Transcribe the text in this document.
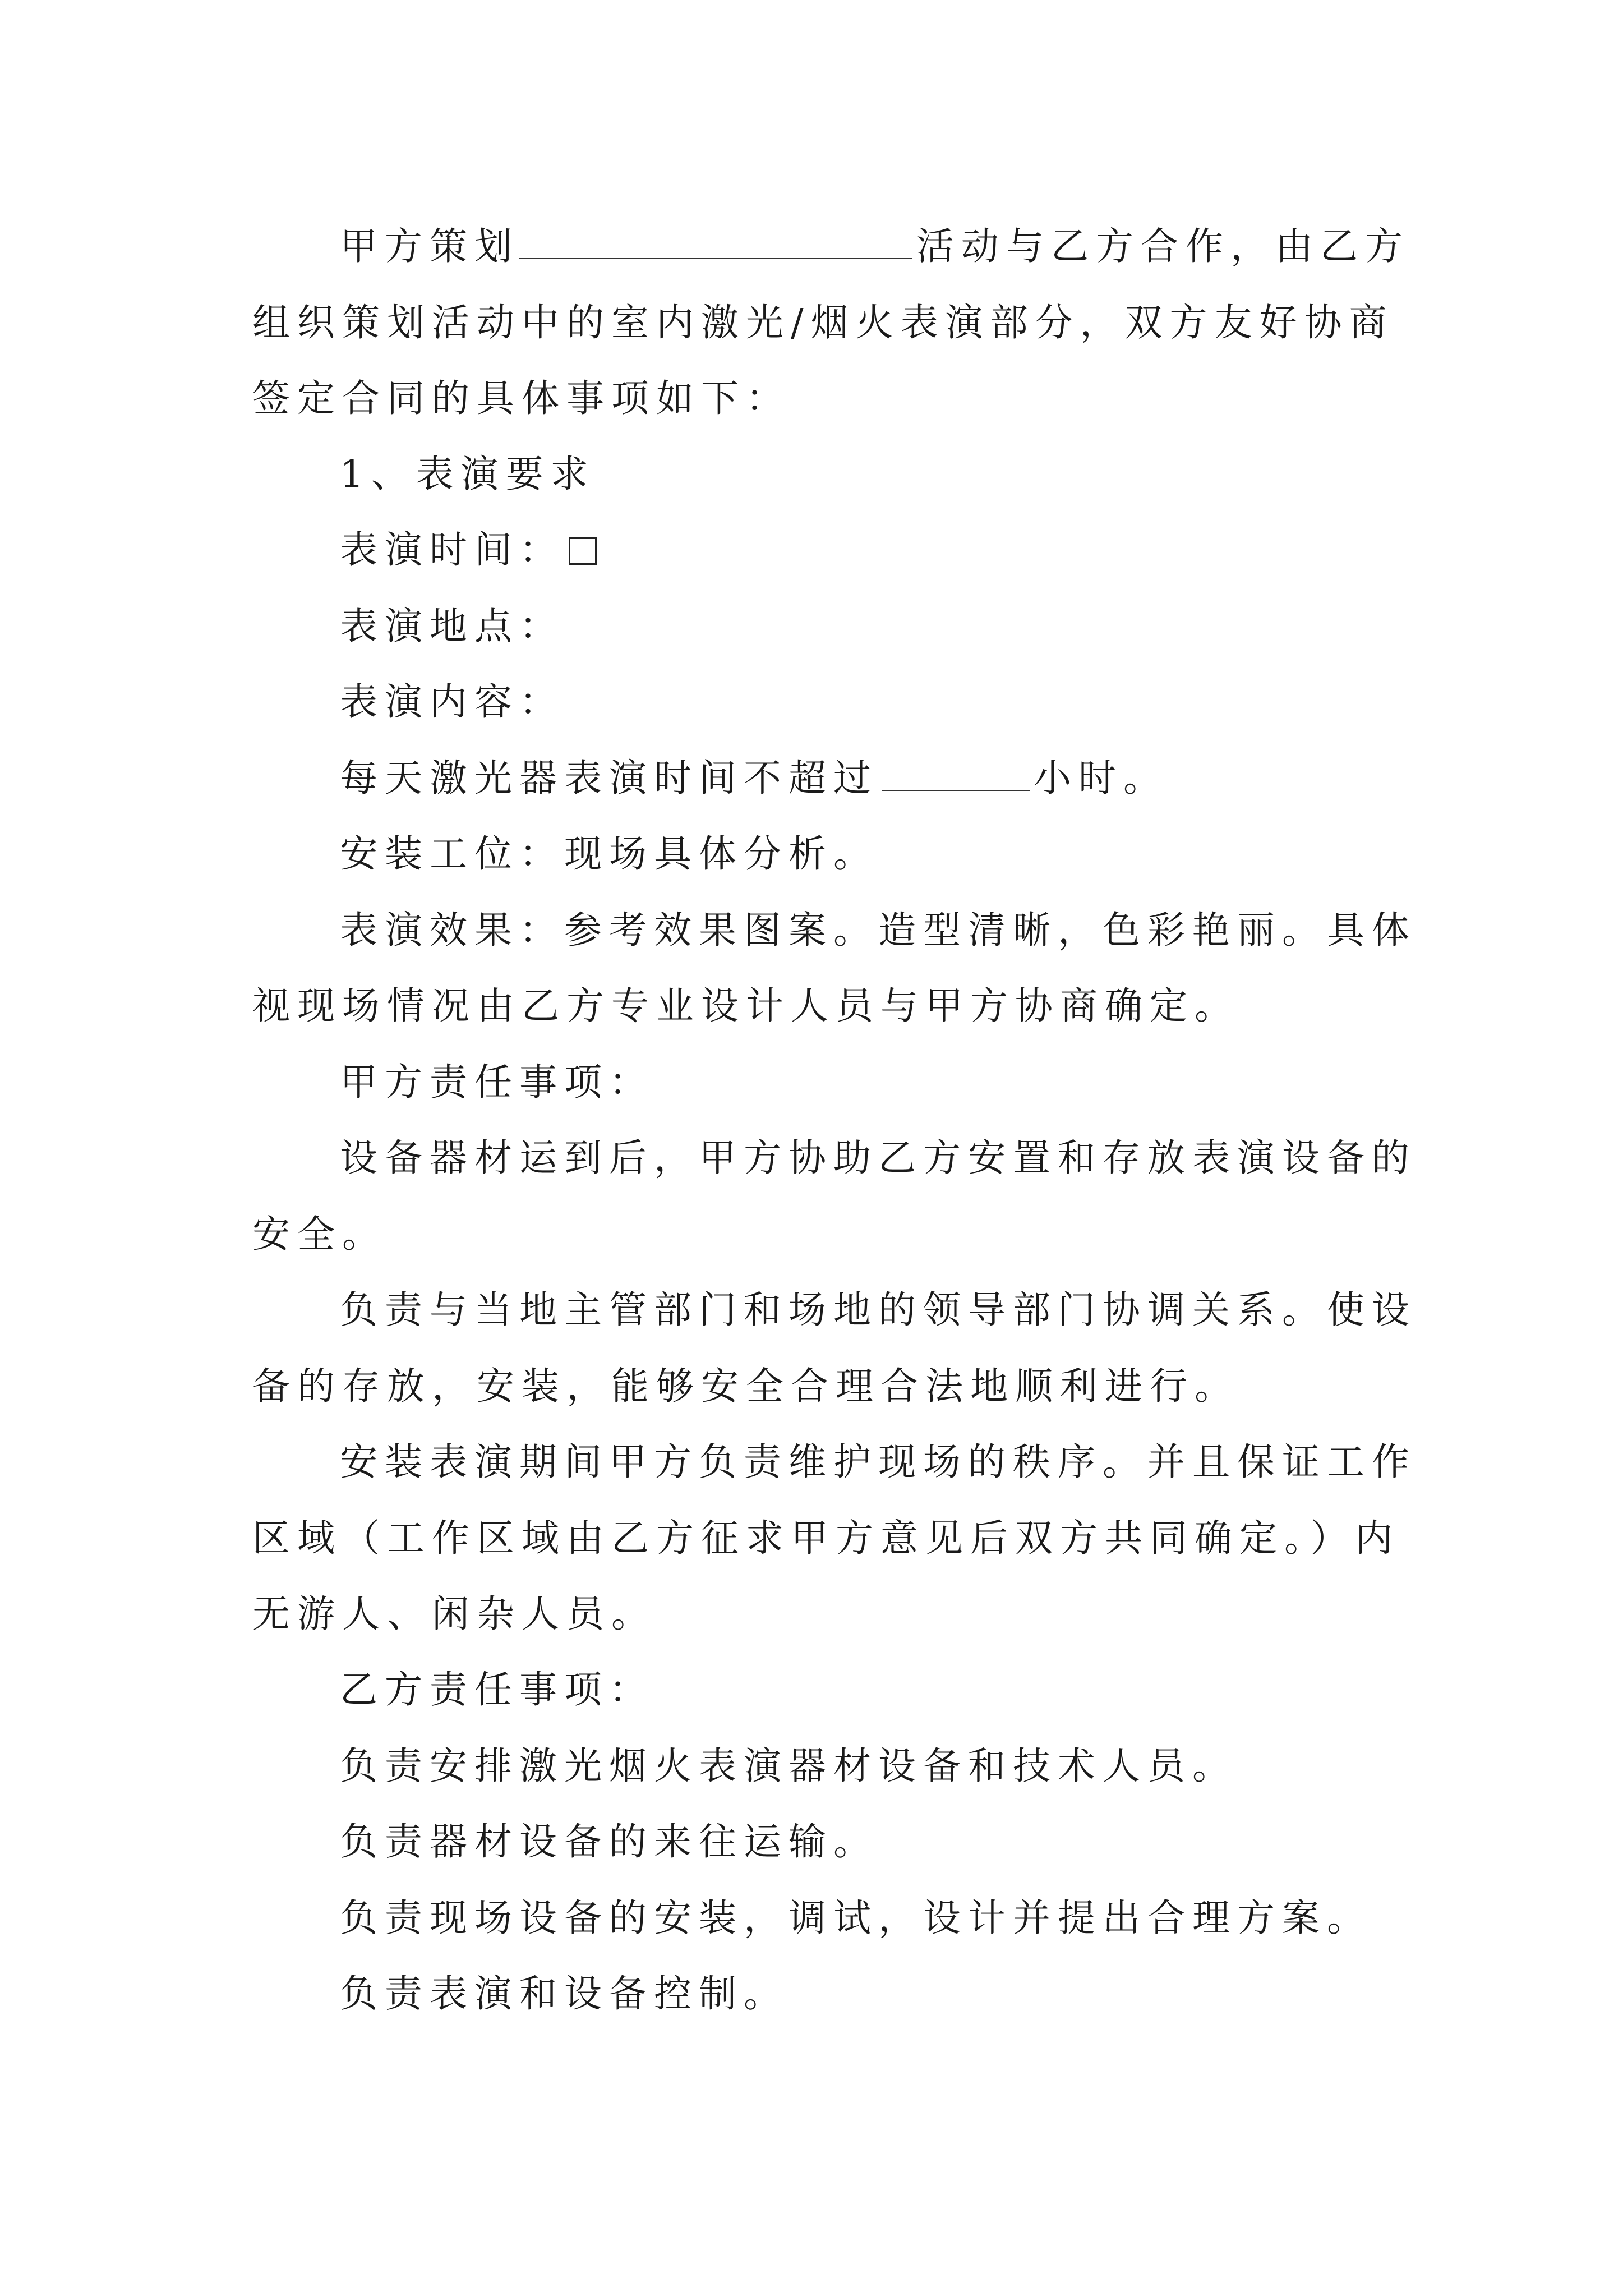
甲方策划	活动与乙方合作，由乙方
组织策划活动中的室内激光/烟火表演部分，双方友好协商
签定合同的具体事项如下：
1、表演要求
表演时间：
表演地点：
表演内容：
每天激光器表演时间不超过	小时。
安装工位：现场具体分析。
表演效果：参考效果图案。造型清晰，色彩艳丽。具体
视现场情况由乙方专业设计人员与甲方协商确定。
甲方责任事项：
设备器材运到后，甲方协助乙方安置和存放表演设备的
安全。
负责与当地主管部门和场地的领导部门协调关系。使设
备的存放，安装，能够安全合理合法地顺利进行。
安装表演期间甲方负责维护现场的秩序。并且保证工作
区域（工作区域由乙方征求甲方意见后双方共同确定。）内
无游人、闲杂人员。
乙方责任事项：
负责安排激光烟火表演器材设备和技术人员。
负责器材设备的来往运输。
负责现场设备的安装，调试，设计并提出合理方案。
负责表演和设备控制。
